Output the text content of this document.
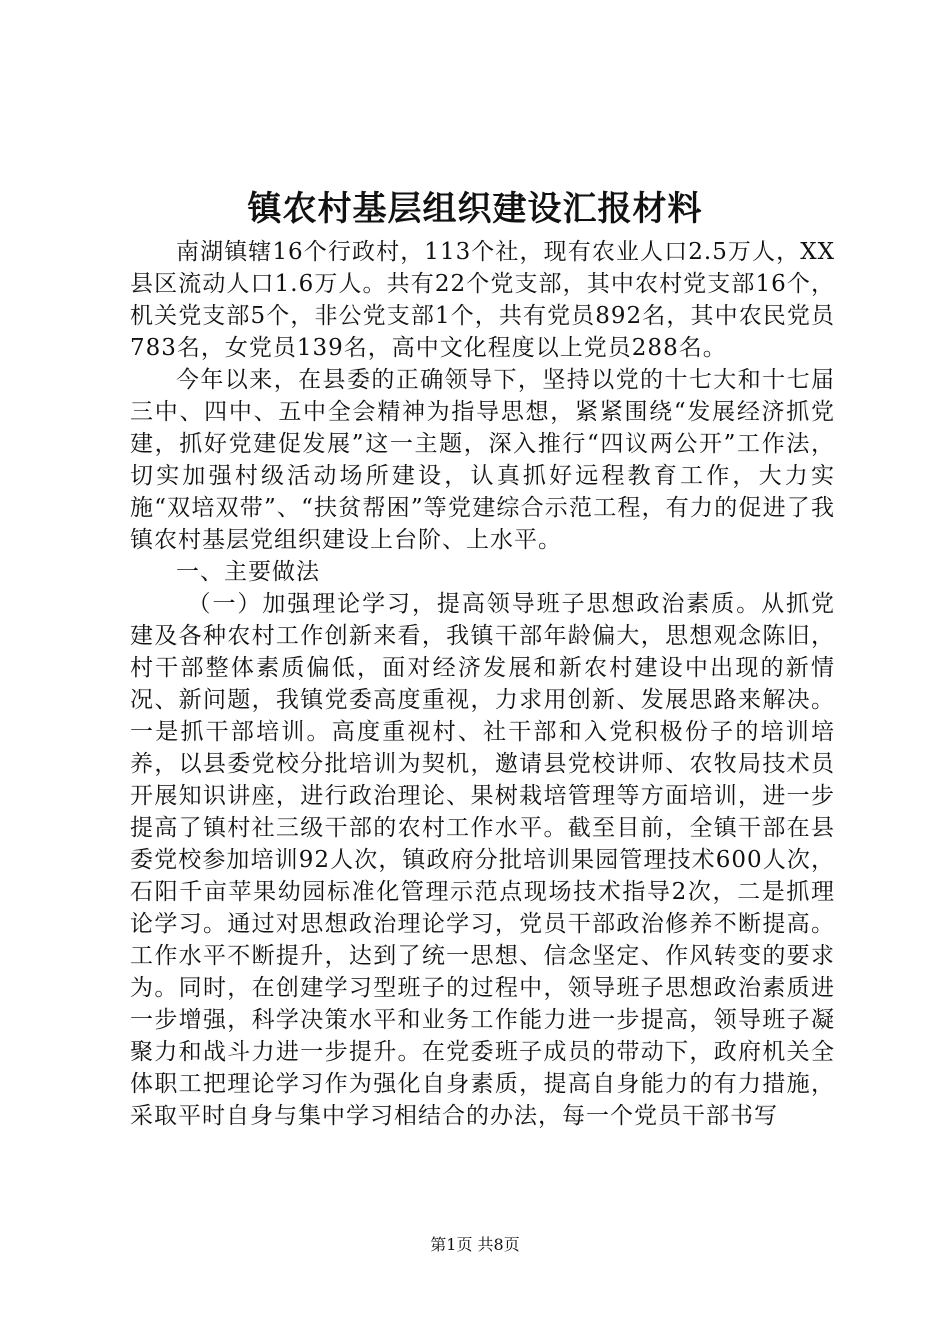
镇农村基层组织建设汇报材料

南湖镇辖16个行政村，113个社，现有农业人口2.5万人，XX县区流动人口1.6万人。共有22个党支部，其中农村党支部16个，机关党支部5个，非公党支部1个，共有党员892名，其中农民党员783名，女党员139名，高中文化程度以上党员288名。

今年以来，在县委的正确领导下，坚持以党的十七大和十七届三中、四中、五中全会精神为指导思想，紧紧围绕“发展经济抓党建，抓好党建促发展”这一主题，深入推行“四议两公开”工作法，切实加强村级活动场所建设，认真抓好远程教育工作，大力实施“双培双带”、“扶贫帮困”等党建综合示范工程，有力的促进了我镇农村基层党组织建设上台阶、上水平。

一、主要做法

（一）加强理论学习，提高领导班子思想政治素质。从抓党建及各种农村工作创新来看，我镇干部年龄偏大，思想观念陈旧，村干部整体素质偏低，面对经济发展和新农村建设中出现的新情况、新问题，我镇党委高度重视，力求用创新、发展思路来解决。一是抓干部培训。高度重视村、社干部和入党积极份子的培训培养，以县委党校分批培训为契机，邀请县党校讲师、农牧局技术员开展知识讲座，进行政治理论、果树栽培管理等方面培训，进一步提高了镇村社三级干部的农村工作水平。截至目前，全镇干部在县委党校参加培训92人次，镇政府分批培训果园管理技术600人次，石阳千亩苹果幼园标准化管理示范点现场技术指导2次，二是抓理论学习。通过对思想政治理论学习，党员干部政治修养不断提高。工作水平不断提升，达到了统一思想、信念坚定、作风转变的要求为。同时，在创建学习型班子的过程中，领导班子思想政治素质进一步增强，科学决策水平和业务工作能力进一步提高，领导班子凝聚力和战斗力进一步提升。在党委班子成员的带动下，政府机关全体职工把理论学习作为强化自身素质，提高自身能力的有力措施，采取平时自身与集中学习相结合的办法，每一个党员干部书写

第1页 共8页
